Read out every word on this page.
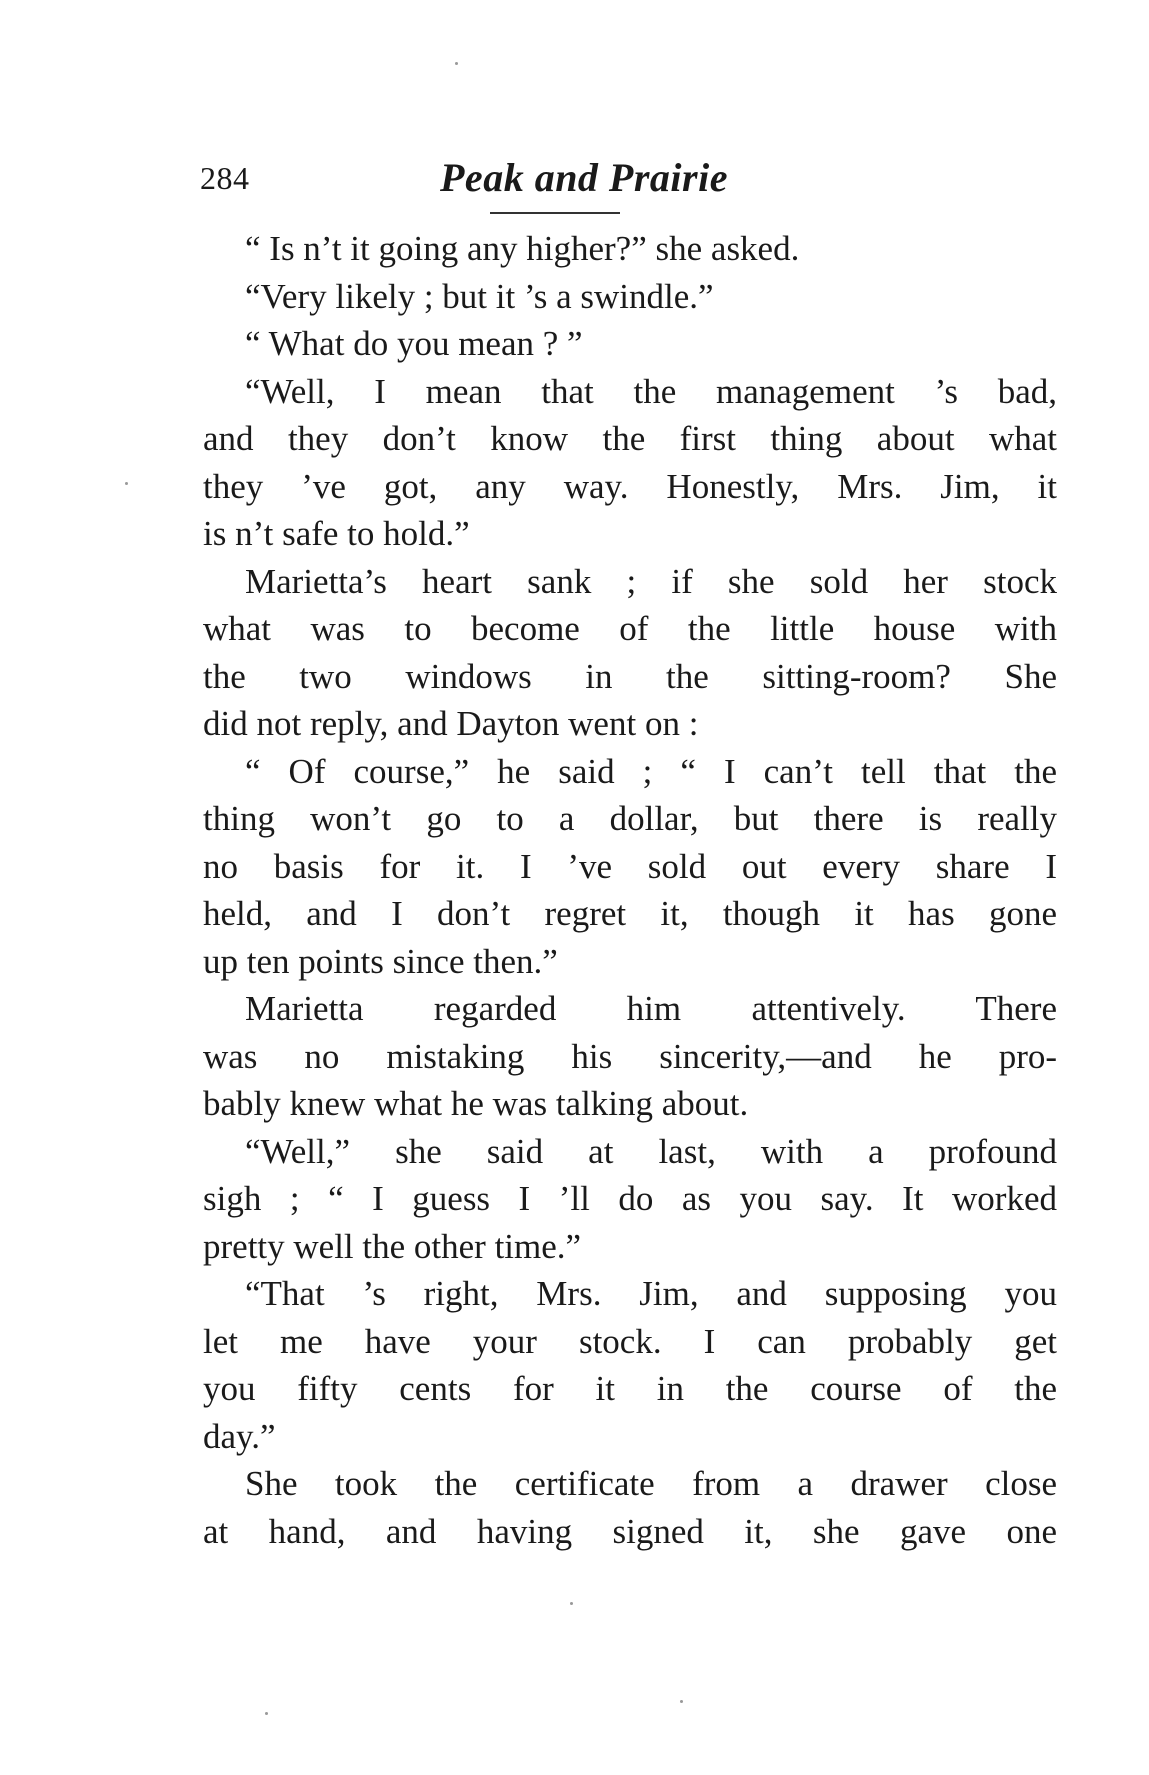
284	Peak and Prairie
“ Is n’t it going any higher?” she asked.
“Very likely ; but it ’s a swindle.”
“ What do you mean ? ”
“Well, I mean that the management ’s bad,
and they don’t know the first thing about what
they ’ve got, any way. Honestly, Mrs. Jim, it
is n’t safe to hold.”
Marietta’s heart sank ; if she sold her stock
what was to become of the little house with
the two windows in the sitting-room? She
did not reply, and Dayton went on :
“ Of course,” he said ; “ I can’t tell that the
thing won’t go to a dollar, but there is really
no basis for it. I ’ve sold out every share I
held, and I don’t regret it, though it has gone
up ten points since then.”
Marietta regarded him attentively. There
was no mistaking his sincerity,—and he pro-
bably knew what he was talking about.
“Well,” she said at last, with a profound
sigh ; “ I guess I ’ll do as you say. It worked
pretty well the other time.”
“That ’s right, Mrs. Jim, and supposing you
let me have your stock. I can probably get
you fifty cents for it in the course of the
day.”
She took the certificate from a drawer close
at hand, and having signed it, she gave one
